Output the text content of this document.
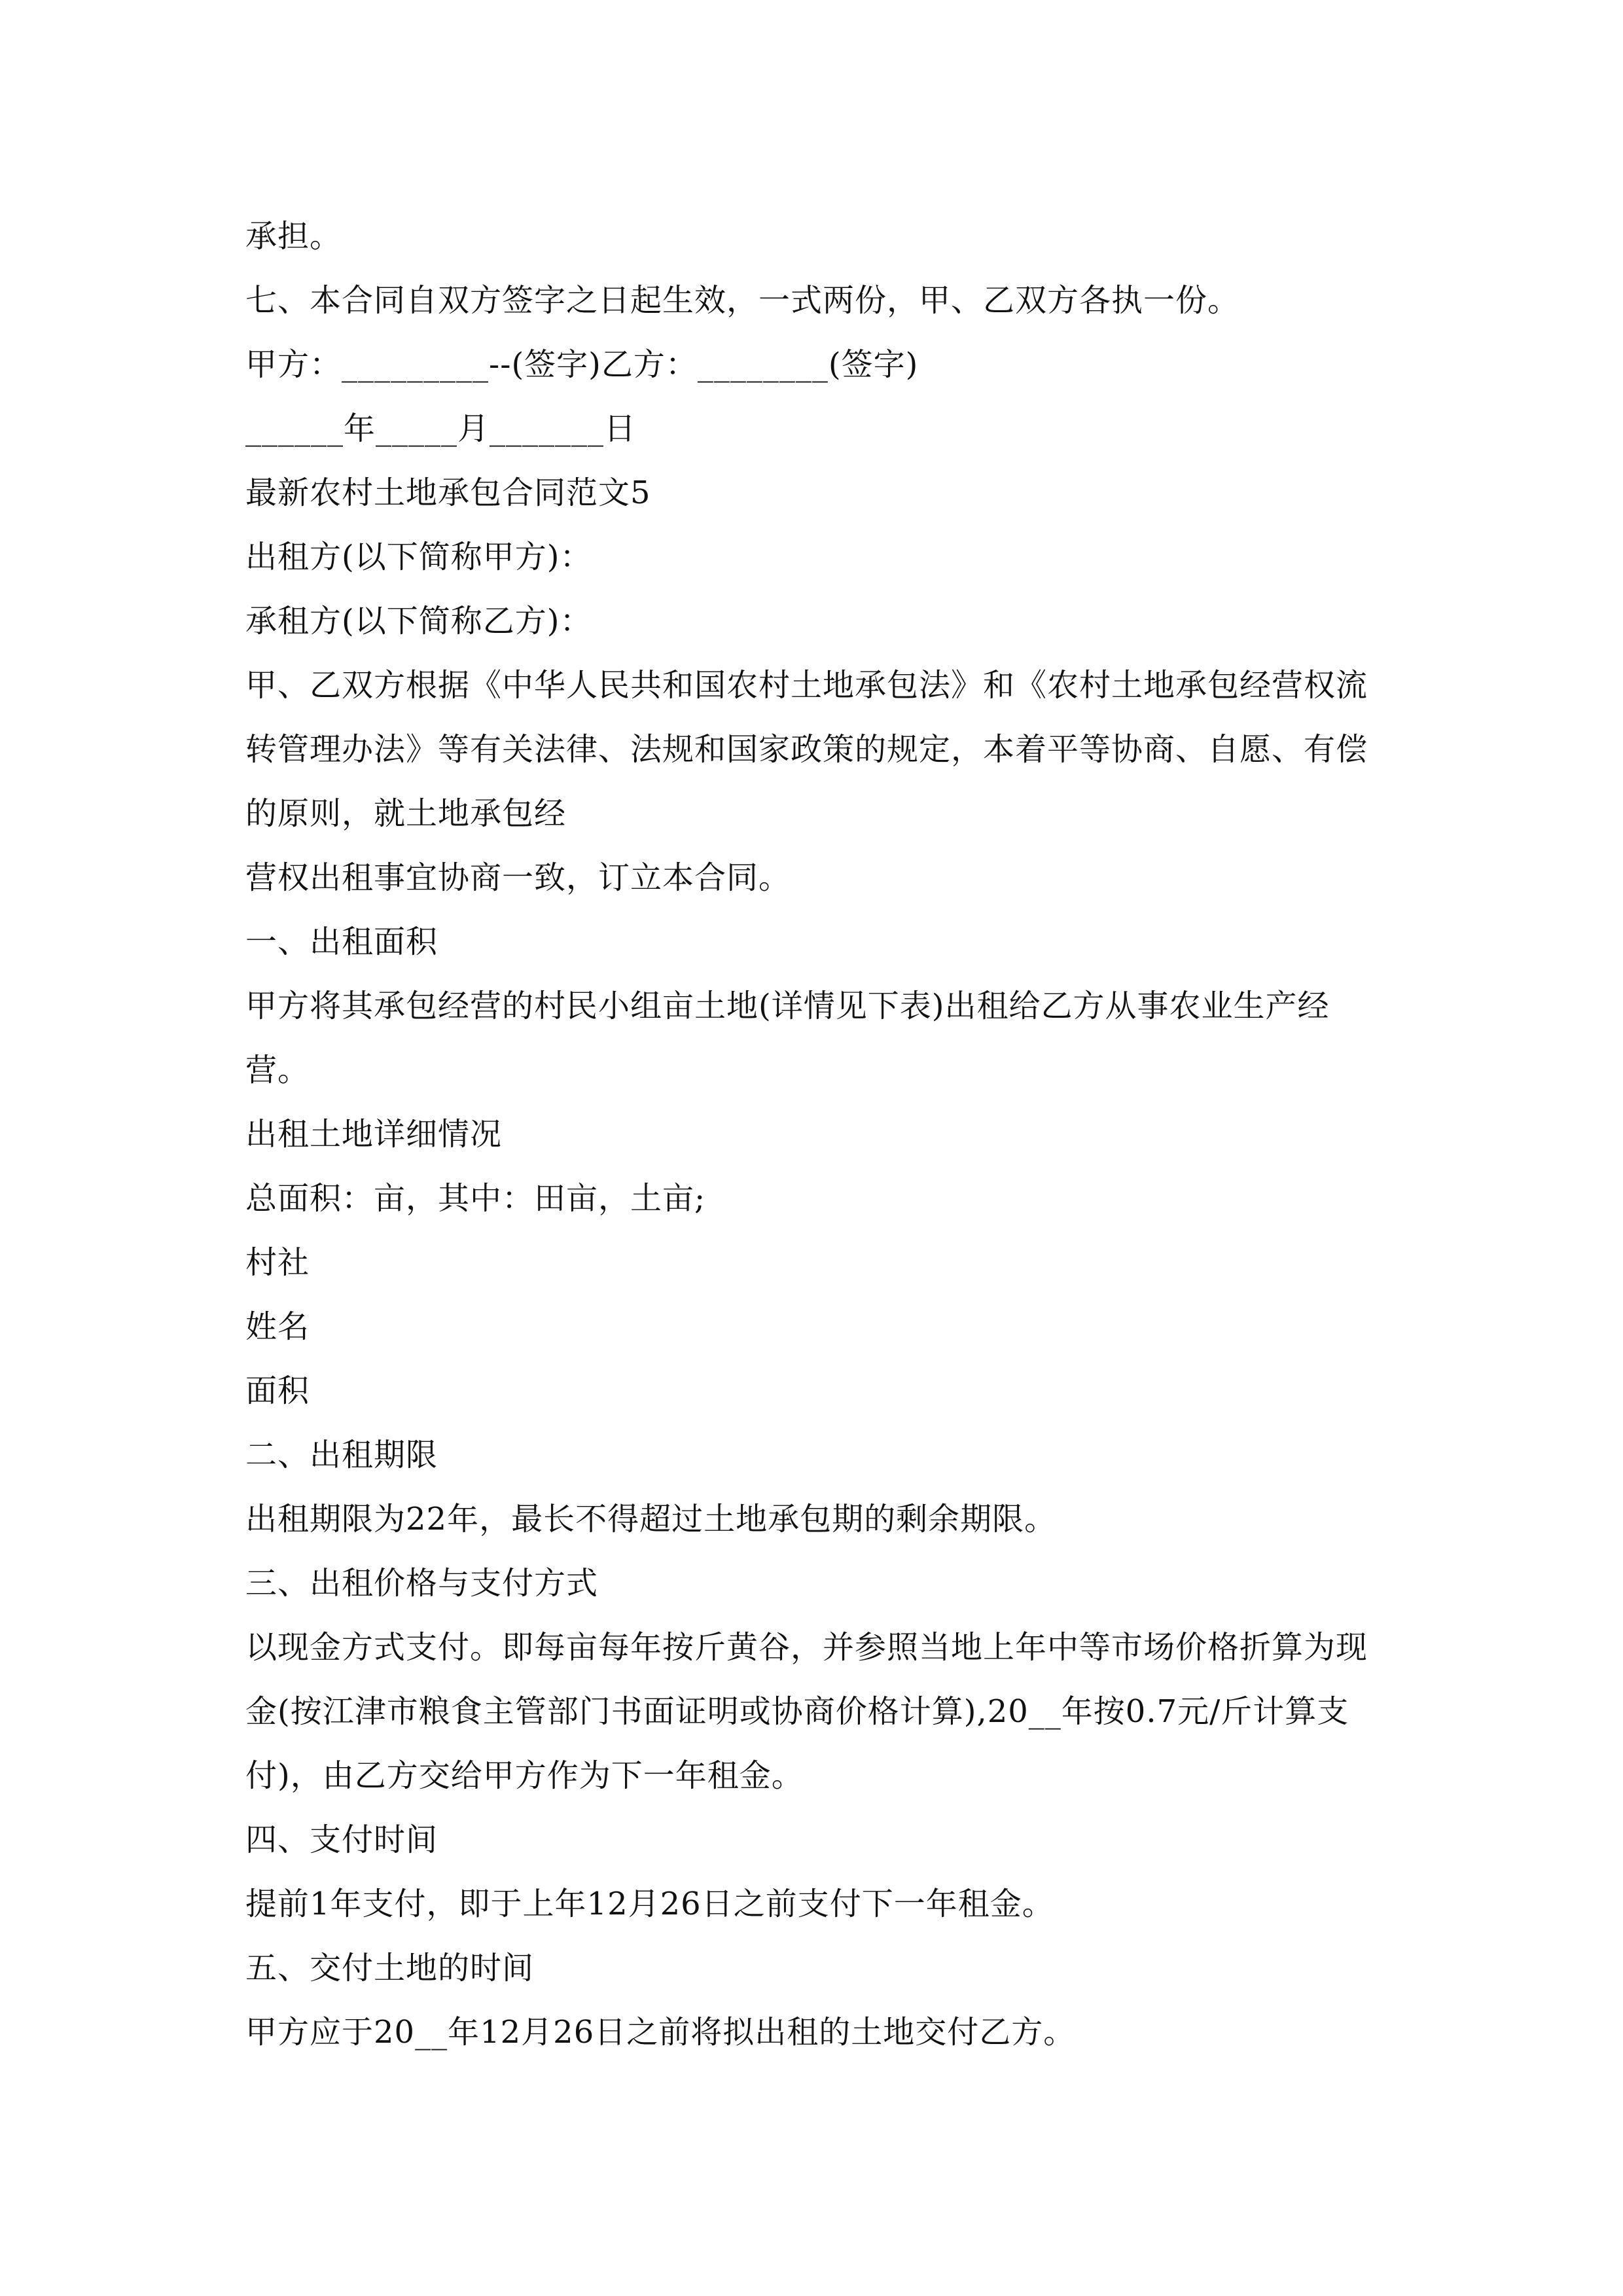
承担。
七、本合同自双方签字之日起生效，一式两份，甲、乙双方各执一份。
甲方：_________--(签字)乙方：________(签字)
______年_____月_______日
最新农村土地承包合同范文5
出租方(以下简称甲方)：
承租方(以下简称乙方)：
甲、乙双方根据《中华人民共和国农村土地承包法》和《农村土地承包经营权流
转管理办法》等有关法律、法规和国家政策的规定，本着平等协商、自愿、有偿
的原则，就土地承包经
营权出租事宜协商一致，订立本合同。
一、出租面积
甲方将其承包经营的村民小组亩土地(详情见下表)出租给乙方从事农业生产经
营。
出租土地详细情况
总面积：亩，其中：田亩，土亩;
村社
姓名
面积
二、出租期限
出租期限为22年，最长不得超过土地承包期的剩余期限。
三、出租价格与支付方式
以现金方式支付。即每亩每年按斤黄谷，并参照当地上年中等市场价格折算为现
金(按江津市粮食主管部门书面证明或协商价格计算),20__年按0.7元/斤计算支
付)，由乙方交给甲方作为下一年租金。
四、支付时间
提前1年支付，即于上年12月26日之前支付下一年租金。
五、交付土地的时间
甲方应于20__年12月26日之前将拟出租的土地交付乙方。
